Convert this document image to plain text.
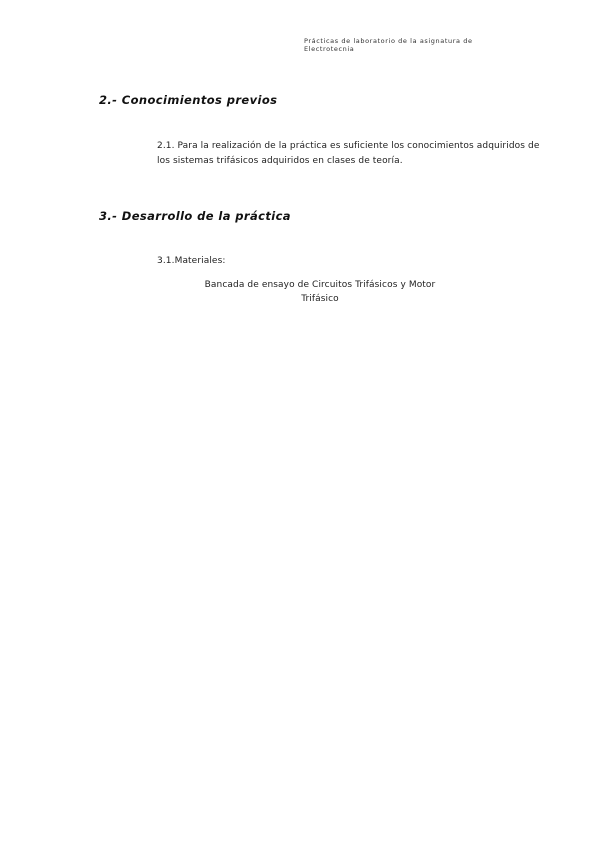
Prácticas de laboratorio de la asignatura de
Electrotecnia
2.- Conocimientos previos
2.1. Para la realización de la práctica es suficiente los conocimientos adquiridos de
los sistemas trifásicos adquiridos en clases de teoría.
3.- Desarrollo de la práctica
3.1.Materiales:
Bancada de ensayo de Circuitos Trifásicos y Motor
Trifásico
